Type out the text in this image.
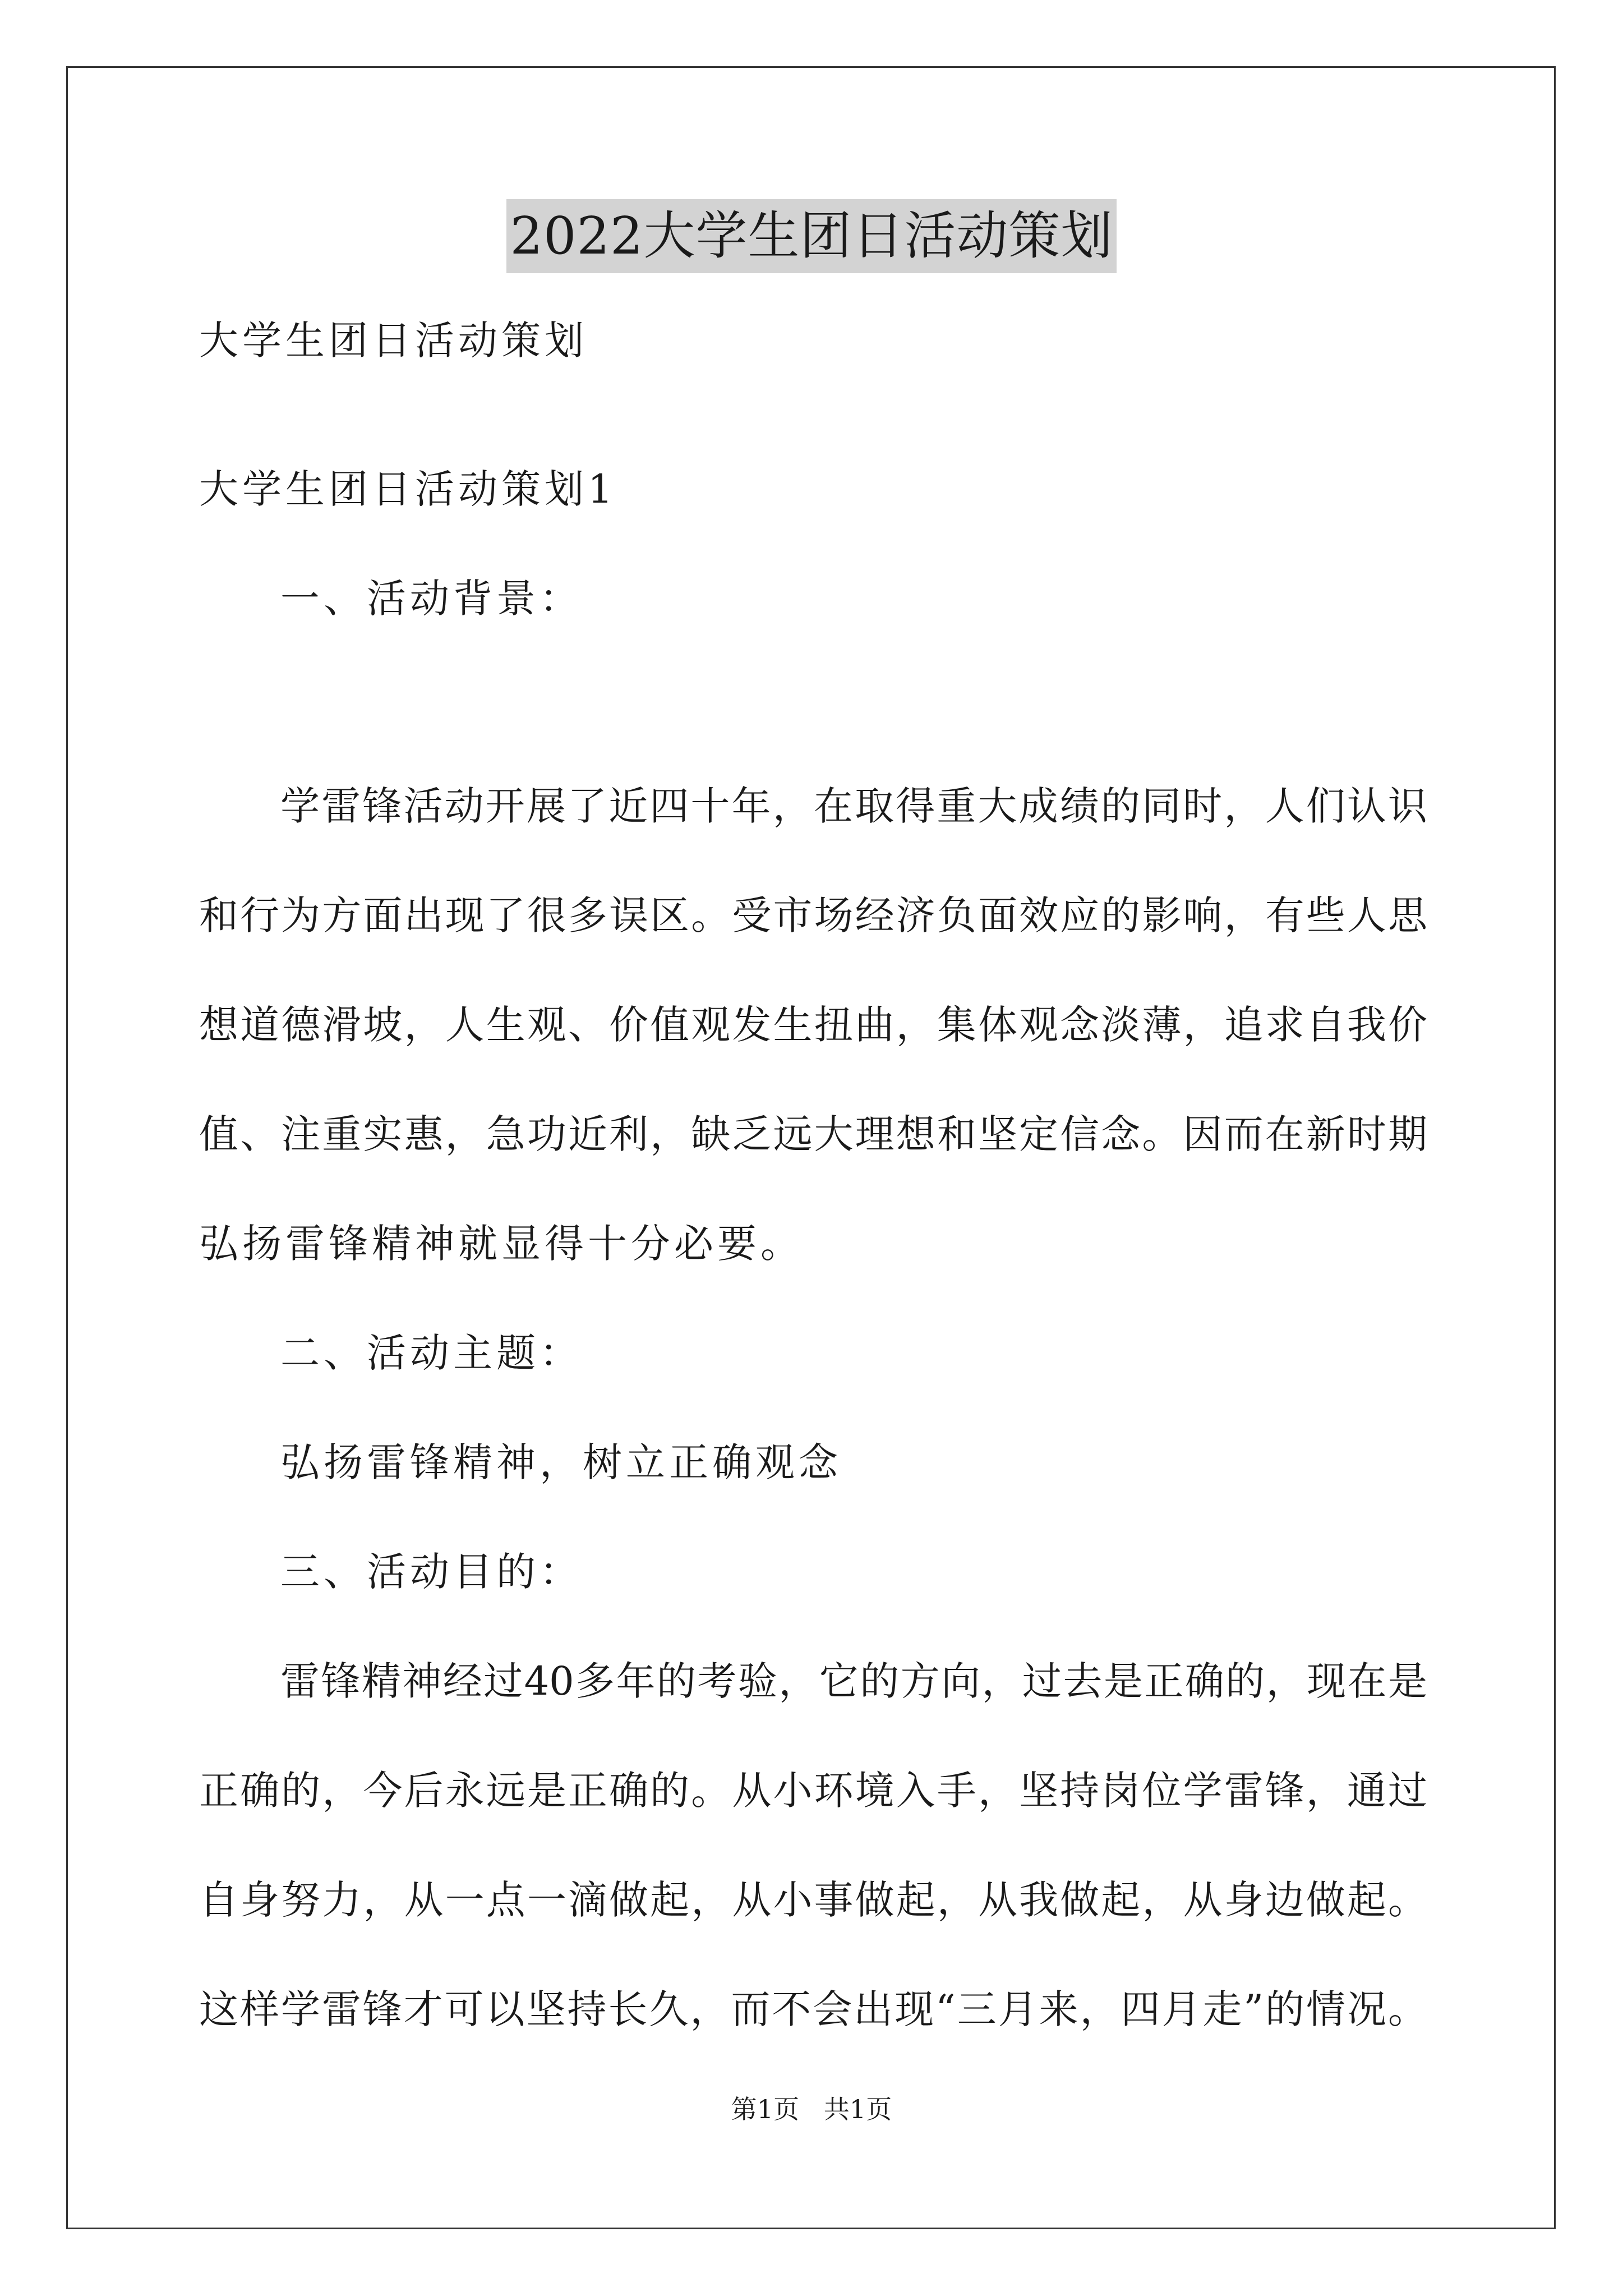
2022大学生团日活动策划
大学生团日活动策划
大学生团日活动策划1
一、活动背景：
学雷锋活动开展了近四十年，在取得重大成绩的同时，人们认识
和行为方面出现了很多误区。受市场经济负面效应的影响，有些人思
想道德滑坡，人生观、价值观发生扭曲，集体观念淡薄，追求自我价
值、注重实惠，急功近利，缺乏远大理想和坚定信念。因而在新时期
弘扬雷锋精神就显得十分必要。
二、活动主题：
弘扬雷锋精神，树立正确观念
三、活动目的：
雷锋精神经过40多年的考验，它的方向，过去是正确的，现在是
正确的，今后永远是正确的。从小环境入手，坚持岗位学雷锋，通过
自身努力，从一点一滴做起，从小事做起，从我做起，从身边做起。
这样学雷锋才可以坚持长久，而不会出现“三月来，四月走”的情况。
第1页   共1页
